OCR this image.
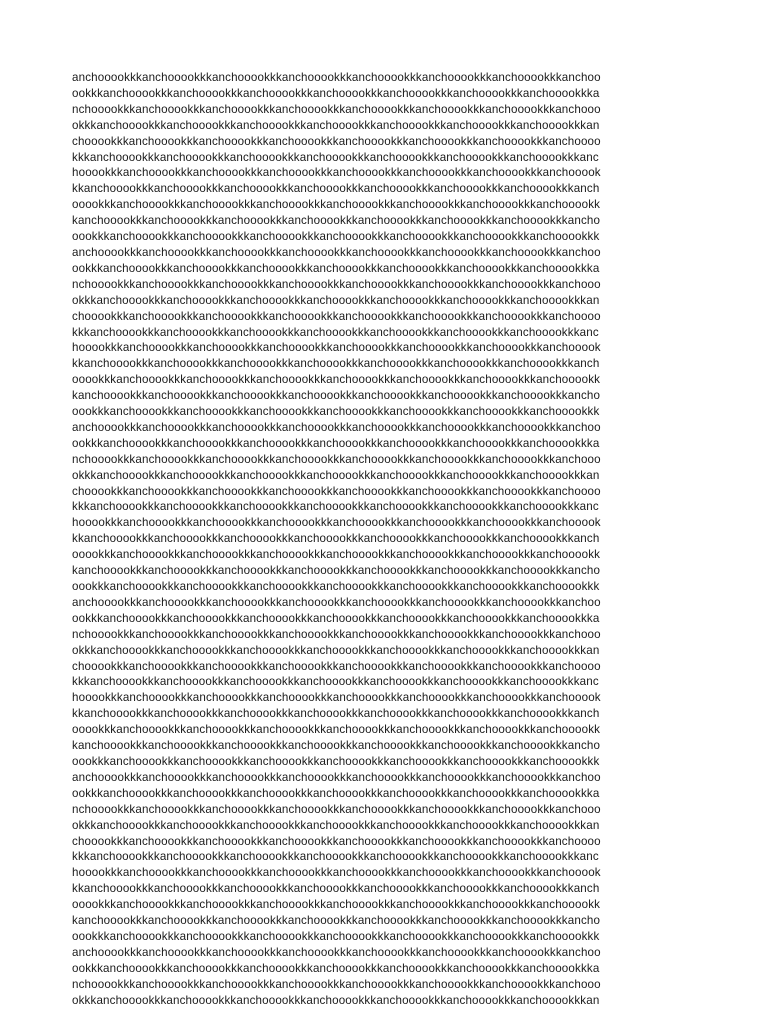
anchooookkkanchooookkkanchooookkkanchooookkkanchooookkkanchooookkkanchooookkkanchoo
ookkkanchooookkkanchooookkkanchooookkkanchooookkkanchooookkkanchooookkkanchooookkka
nchooookkkanchooookkkanchooookkkanchooookkkanchooookkkanchooookkkanchooookkkanchooo
okkkanchooookkkanchooookkkanchooookkkanchooookkkanchooookkkanchooookkkanchooookkkan
chooookkkanchooookkkanchooookkkanchooookkkanchooookkkanchooookkkanchooookkkanchoooo
kkkanchooookkkanchooookkkanchooookkkanchooookkkanchooookkkanchooookkkanchooookkkanc
hooookkkanchooookkkanchooookkkanchooookkkanchooookkkanchooookkkanchooookkkanchooook
kkanchooookkkanchooookkkanchooookkkanchooookkkanchooookkkanchooookkkanchooookkkanch
ooookkkanchooookkkanchooookkkanchooookkkanchooookkkanchooookkkanchooookkkanchooookk
kanchooookkkanchooookkkanchooookkkanchooookkkanchooookkkanchooookkkanchooookkkancho
oookkkanchooookkkanchooookkkanchooookkkanchooookkkanchooookkkanchooookkkanchooookkk
anchooookkkanchooookkkanchooookkkanchooookkkanchooookkkanchooookkkanchooookkkanchoo
ookkkanchooookkkanchooookkkanchooookkkanchooookkkanchooookkkanchooookkkanchooookkka
nchooookkkanchooookkkanchooookkkanchooookkkanchooookkkanchooookkkanchooookkkanchooo
okkkanchooookkkanchooookkkanchooookkkanchooookkkanchooookkkanchooookkkanchooookkkan
chooookkkanchooookkkanchooookkkanchooookkkanchooookkkanchooookkkanchooookkkanchoooo
kkkanchooookkkanchooookkkanchooookkkanchooookkkanchooookkkanchooookkkanchooookkkanc
hooookkkanchooookkkanchooookkkanchooookkkanchooookkkanchooookkkanchooookkkanchooook
kkanchooookkkanchooookkkanchooookkkanchooookkkanchooookkkanchooookkkanchooookkkanch
ooookkkanchooookkkanchooookkkanchooookkkanchooookkkanchooookkkanchooookkkanchooookk
kanchooookkkanchooookkkanchooookkkanchooookkkanchooookkkanchooookkkanchooookkkancho
oookkkanchooookkkanchooookkkanchooookkkanchooookkkanchooookkkanchooookkkanchooookkk
anchooookkkanchooookkkanchooookkkanchooookkkanchooookkkanchooookkkanchooookkkanchoo
ookkkanchooookkkanchooookkkanchooookkkanchooookkkanchooookkkanchooookkkanchooookkka
nchooookkkanchooookkkanchooookkkanchooookkkanchooookkkanchooookkkanchooookkkanchooo
okkkanchooookkkanchooookkkanchooookkkanchooookkkanchooookkkanchooookkkanchooookkkan
chooookkkanchooookkkanchooookkkanchooookkkanchooookkkanchooookkkanchooookkkanchoooo
kkkanchooookkkanchooookkkanchooookkkanchooookkkanchooookkkanchooookkkanchooookkkanc
hooookkkanchooookkkanchooookkkanchooookkkanchooookkkanchooookkkanchooookkkanchooook
kkanchooookkkanchooookkkanchooookkkanchooookkkanchooookkkanchooookkkanchooookkkanch
ooookkkanchooookkkanchooookkkanchooookkkanchooookkkanchooookkkanchooookkkanchooookk
kanchooookkkanchooookkkanchooookkkanchooookkkanchooookkkanchooookkkanchooookkkancho
oookkkanchooookkkanchooookkkanchooookkkanchooookkkanchooookkkanchooookkkanchooookkk
anchooookkkanchooookkkanchooookkkanchooookkkanchooookkkanchooookkkanchooookkkanchoo
ookkkanchooookkkanchooookkkanchooookkkanchooookkkanchooookkkanchooookkkanchooookkka
nchooookkkanchooookkkanchooookkkanchooookkkanchooookkkanchooookkkanchooookkkanchooo
okkkanchooookkkanchooookkkanchooookkkanchooookkkanchooookkkanchooookkkanchooookkkan
chooookkkanchooookkkanchooookkkanchooookkkanchooookkkanchooookkkanchooookkkanchoooo
kkkanchooookkkanchooookkkanchooookkkanchooookkkanchooookkkanchooookkkanchooookkkanc
hooookkkanchooookkkanchooookkkanchooookkkanchooookkkanchooookkkanchooookkkanchooook
kkanchooookkkanchooookkkanchooookkkanchooookkkanchooookkkanchooookkkanchooookkkanch
ooookkkanchooookkkanchooookkkanchooookkkanchooookkkanchooookkkanchooookkkanchooookk
kanchooookkkanchooookkkanchooookkkanchooookkkanchooookkkanchooookkkanchooookkkancho
oookkkanchooookkkanchooookkkanchooookkkanchooookkkanchooookkkanchooookkkanchooookkk
anchooookkkanchooookkkanchooookkkanchooookkkanchooookkkanchooookkkanchooookkkanchoo
ookkkanchooookkkanchooookkkanchooookkkanchooookkkanchooookkkanchooookkkanchooookkka
nchooookkkanchooookkkanchooookkkanchooookkkanchooookkkanchooookkkanchooookkkanchooo
okkkanchooookkkanchooookkkanchooookkkanchooookkkanchooookkkanchooookkkanchooookkkan
chooookkkanchooookkkanchooookkkanchooookkkanchooookkkanchooookkkanchooookkkanchoooo
kkkanchooookkkanchooookkkanchooookkkanchooookkkanchooookkkanchooookkkanchooookkkanc
hooookkkanchooookkkanchooookkkanchooookkkanchooookkkanchooookkkanchooookkkanchooook
kkanchooookkkanchooookkkanchooookkkanchooookkkanchooookkkanchooookkkanchooookkkanch
ooookkkanchooookkkanchooookkkanchooookkkanchooookkkanchooookkkanchooookkkanchooookk
kanchooookkkanchooookkkanchooookkkanchooookkkanchooookkkanchooookkkanchooookkkancho
oookkkanchooookkkanchooookkkanchooookkkanchooookkkanchooookkkanchooookkkanchooookkk
anchooookkkanchooookkkanchooookkkanchooookkkanchooookkkanchooookkkanchooookkkanchoo
ookkkanchooookkkanchooookkkanchooookkkanchooookkkanchooookkkanchooookkkanchooookkka
nchooookkkanchooookkkanchooookkkanchooookkkanchooookkkanchooookkkanchooookkkanchooo
okkkanchooookkkanchooookkkanchooookkkanchooookkkanchooookkkanchooookkkanchooookkkan
